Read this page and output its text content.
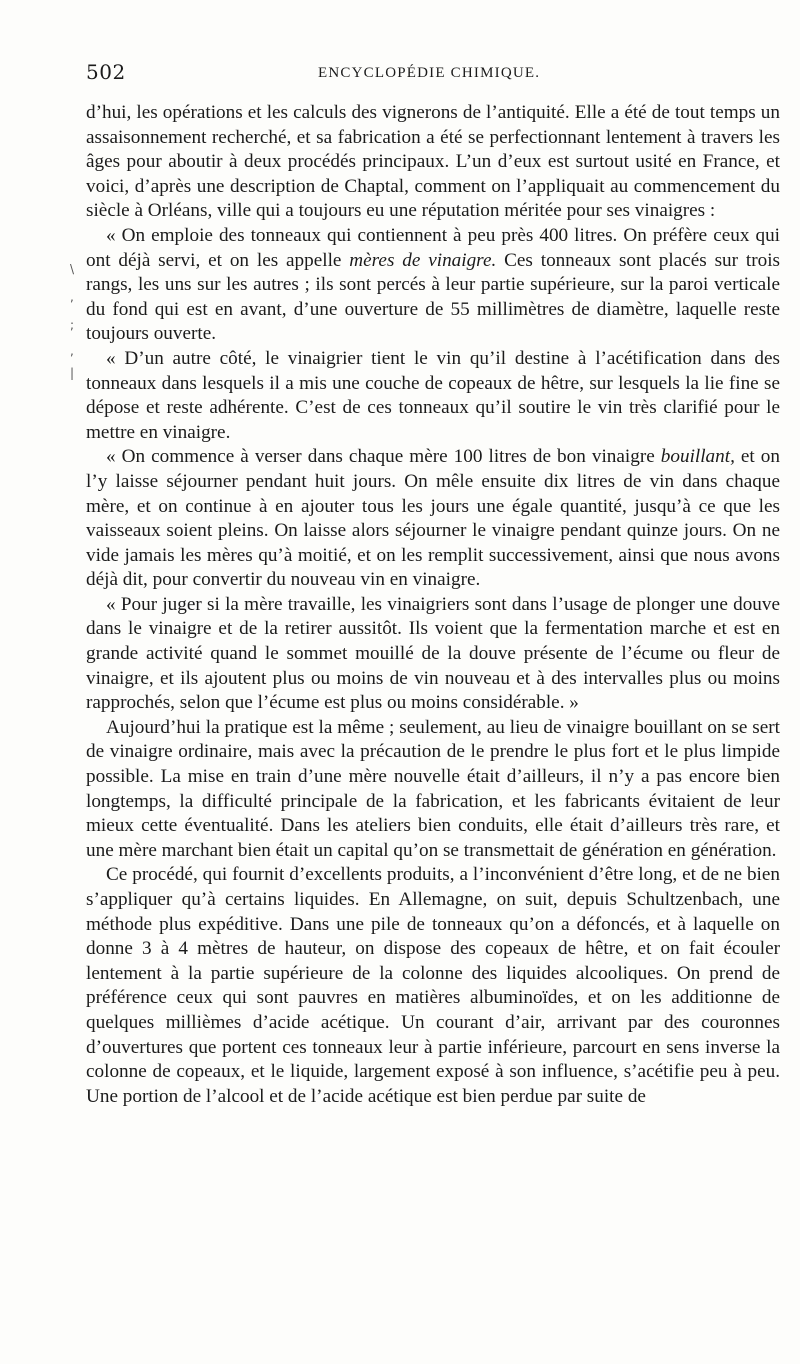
502	ENCYCLOPÉDIE CHIMIQUE.
\
,
;
,
|

d’hui, les opérations et les calculs des vignerons de l’antiquité. Elle a été de tout temps un assaisonnement recherché, et sa fabrication a été se perfectionnant lentement à travers les âges pour aboutir à deux procédés principaux. L’un d’eux est surtout usité en France, et voici, d’après une description de Chaptal, comment on l’appliquait au commencement du siècle à Orléans, ville qui a toujours eu une réputation méritée pour ses vinaigres :

« On emploie des tonneaux qui contiennent à peu près 400 litres. On préfère ceux qui ont déjà servi, et on les appelle mères de vinaigre. Ces tonneaux sont placés sur trois rangs, les uns sur les autres ; ils sont percés à leur partie supérieure, sur la paroi verticale du fond qui est en avant, d’une ouverture de 55 millimètres de diamètre, laquelle reste toujours ouverte.

« D’un autre côté, le vinaigrier tient le vin qu’il destine à l’acétification dans des tonneaux dans lesquels il a mis une couche de copeaux de hêtre, sur lesquels la lie fine se dépose et reste adhérente. C’est de ces tonneaux qu’il soutire le vin très clarifié pour le mettre en vinaigre.

« On commence à verser dans chaque mère 100 litres de bon vinaigre bouillant, et on l’y laisse séjourner pendant huit jours. On mêle ensuite dix litres de vin dans chaque mère, et on continue à en ajouter tous les jours une égale quantité, jusqu’à ce que les vaisseaux soient pleins. On laisse alors séjourner le vinaigre pendant quinze jours. On ne vide jamais les mères qu’à moitié, et on les remplit successivement, ainsi que nous avons déjà dit, pour convertir du nouveau vin en vinaigre.

« Pour juger si la mère travaille, les vinaigriers sont dans l’usage de plonger une douve dans le vinaigre et de la retirer aussitôt. Ils voient que la fermentation marche et est en grande activité quand le sommet mouillé de la douve présente de l’écume ou fleur de vinaigre, et ils ajoutent plus ou moins de vin nouveau et à des intervalles plus ou moins rapprochés, selon que l’écume est plus ou moins considérable. »

Aujourd’hui la pratique est la même ; seulement, au lieu de vinaigre bouillant on se sert de vinaigre ordinaire, mais avec la précaution de le prendre le plus fort et le plus limpide possible. La mise en train d’une mère nouvelle était d’ailleurs, il n’y a pas encore bien longtemps, la difficulté principale de la fabrication, et les fabricants évitaient de leur mieux cette éventualité. Dans les ateliers bien conduits, elle était d’ailleurs très rare, et une mère marchant bien était un capital qu’on se transmettait de génération en génération.

Ce procédé, qui fournit d’excellents produits, a l’inconvénient d’être long, et de ne bien s’appliquer qu’à certains liquides. En Allemagne, on suit, depuis Schultzenbach, une méthode plus expéditive. Dans une pile de tonneaux qu’on a défoncés, et à laquelle on donne 3 à 4 mètres de hauteur, on dispose des copeaux de hêtre, et on fait écouler lentement à la partie supérieure de la colonne des liquides alcooliques. On prend de préférence ceux qui sont pauvres en matières albuminoïdes, et on les additionne de quelques millièmes d’acide acétique. Un courant d’air, arrivant par des couronnes d’ouvertures que portent ces tonneaux leur à partie inférieure, parcourt en sens inverse la colonne de copeaux, et le liquide, largement exposé à son influence, s’acétifie peu à peu. Une portion de l’alcool et de l’acide acétique est bien perdue par suite de
